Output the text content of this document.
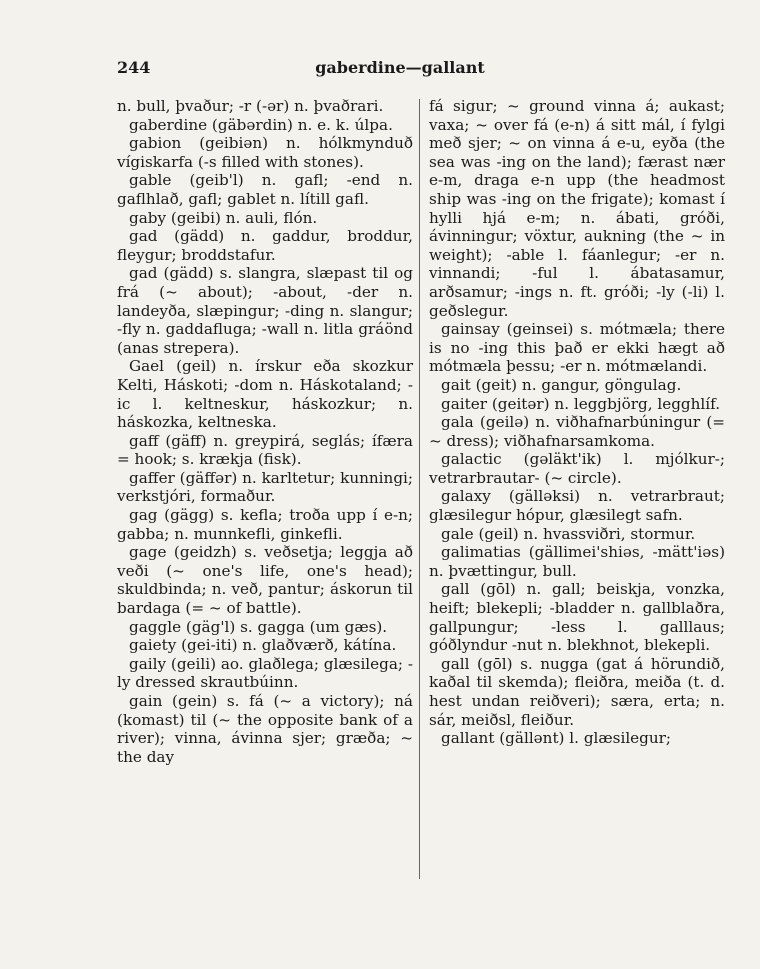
244	gaberdine—gallant

n. bull, þvaður; -r (-ər) n. þvaðrari.

gaberdine (gäbərdin) n. e. k. úlpa.

gabion (geibiən) n. hólkmynduð vígiskarfa (-s filled with stones).

gable (geib'l) n. gafl; -end n. gaflhlað, gafl; gablet n. lítill gafl.

gaby (geibi) n. auli, flón.

gad (gädd) n. gaddur, broddur, fleygur; broddstafur.

gad (gädd) s. slangra, slæpast til og frá (~ about); -about, -der n. landeyða, slæpingur; -ding n. slangur; -fly n. gaddafluga; -wall n. litla gráönd (anas strepera).

Gael (geil) n. írskur eða skozkur Kelti, Háskoti; -dom n. Háskotaland; -ic l. keltneskur, háskozkur; n. háskozka, keltneska.

gaff (gäff) n. greypirá, seglás; ífæra = hook; s. krækja (fisk).

gaffer (gäffər) n. karltetur; kunningi; verkstjóri, formaður.

gag (gägg) s. kefla; troða upp í e-n; gabba; n. munnkefli, ginkefli.

gage (geidzh) s. veðsetja; leggja að veði (~ one's life, one's head); skuldbinda; n. veð, pantur; áskorun til bardaga (= ~ of battle).

gaggle (gäg'l) s. gagga (um gæs).

gaiety (gei-iti) n. glaðværð, kátína.

gaily (geili) ao. glaðlega; glæsilega; -ly dressed skrautbúinn.

gain (gein) s. fá (~ a victory); ná (komast) til (~ the opposite bank of a river); vinna, ávinna sjer; græða; ~ the day

fá sigur; ~ ground vinna á; aukast; vaxa; ~ over fá (e-n) á sitt mál, í fylgi með sjer; ~ on vinna á e-u, eyða (the sea was -ing on the land); færast nær e-m, draga e-n upp (the headmost ship was -ing on the frigate); komast í hylli hjá e-m; n. ábati, gróði, ávinningur; vöxtur, aukning (the ~ in weight); -able l. fáanlegur; -er n. vinnandi; -ful l. ábatasamur, arðsamur; -ings n. ft. gróði; -ly (-li) l. geðslegur.

gainsay (geinsei) s. mótmæla; there is no -ing this það er ekki hægt að mótmæla þessu; -er n. mótmælandi.

gait (geit) n. gangur, göngulag.

gaiter (geitər) n. leggbjörg, legghlíf.

gala (geilə) n. viðhafnarbúningur (= ~ dress); viðhafnarsamkoma.

galactic (gəläkt'ik) l. mjólkur-; vetrarbrautar- (~ circle).

galaxy (gälləksi) n. vetrarbraut; glæsilegur hópur, glæsilegt safn.

gale (geil) n. hvassviðri, stormur.

galimatias (gällimei'shiəs, -mätt'iəs) n. þvættingur, bull.

gall (gōl) n. gall; beiskja, vonzka, heift; blekepli; -bladder n. gallblaðra, gallpungur; -less l. galllaus; góðlyndur -nut n. blekhnot, blekepli.

gall (gōl) s. nugga (gat á hörundið, kaðal til skemda); fleiðra, meiða (t. d. hest undan reiðveri); særa, erta; n. sár, meiðsl, fleiður.

gallant (gällənt) l. glæsilegur;
